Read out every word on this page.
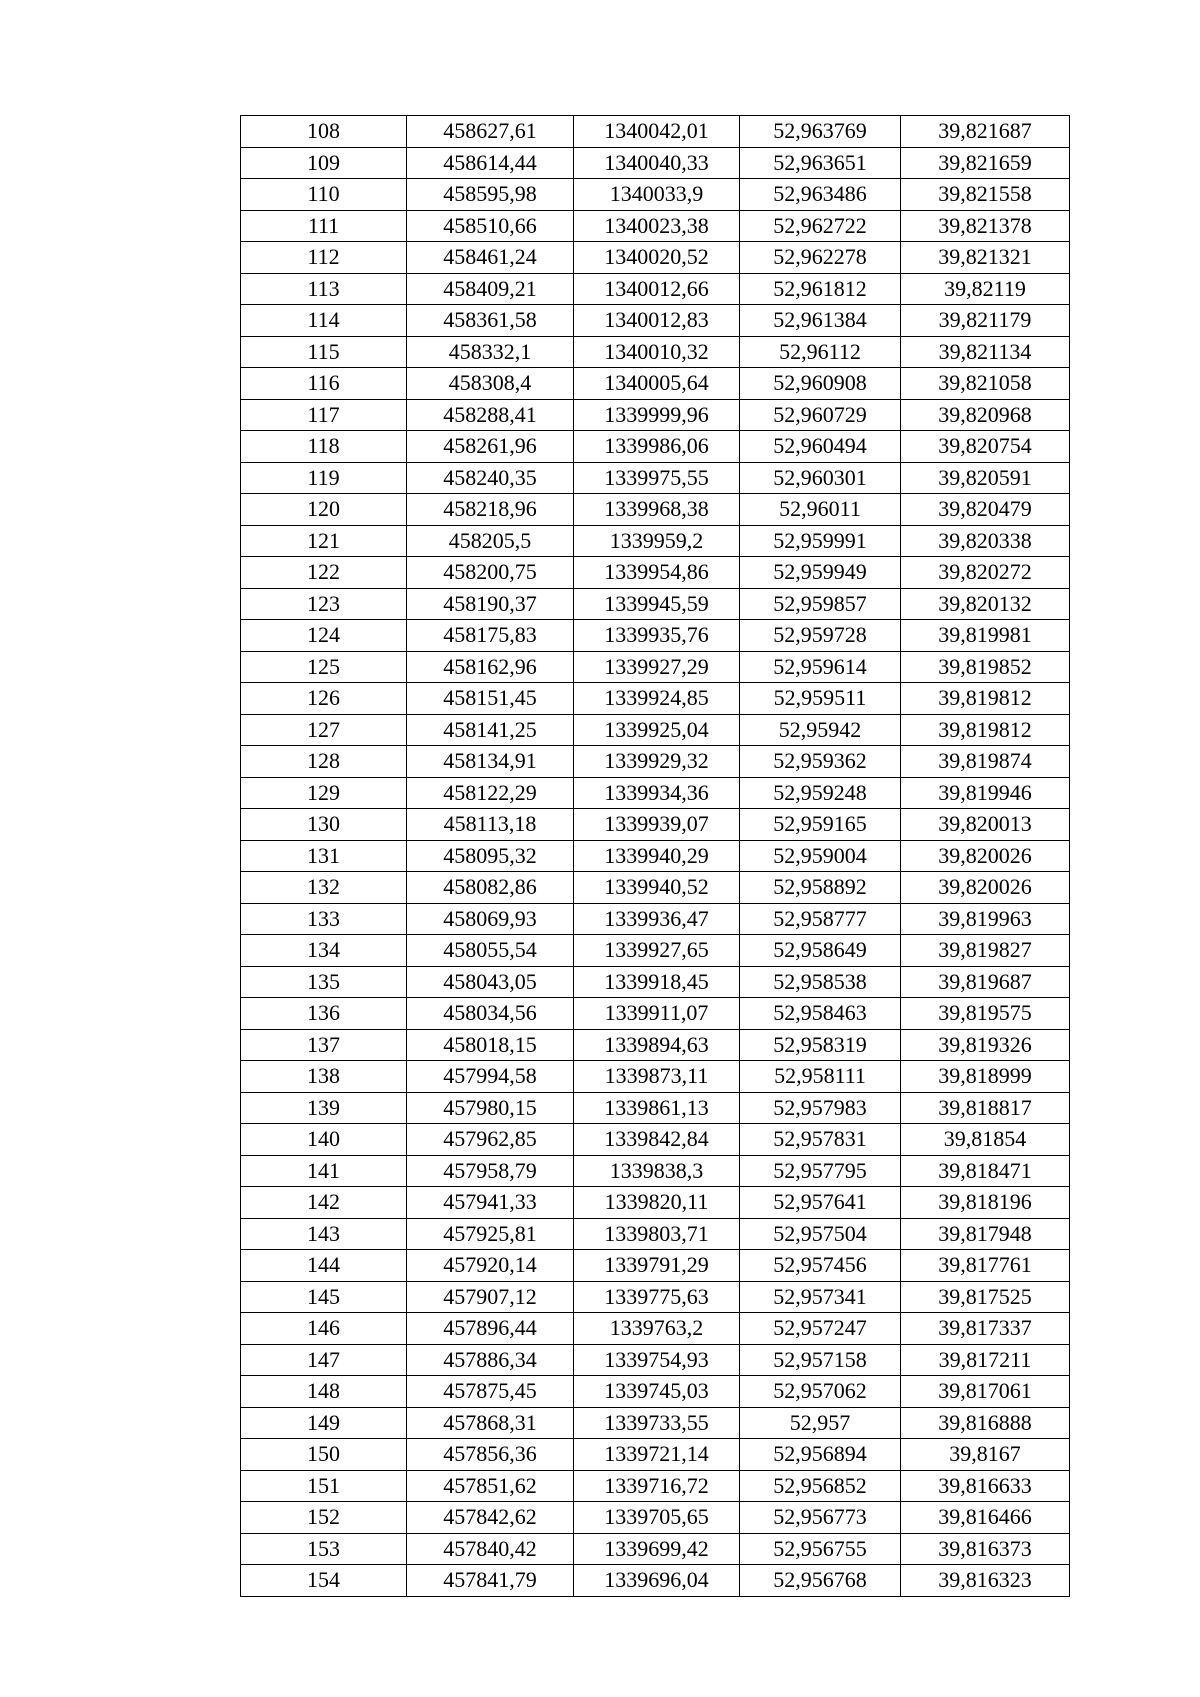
108	458627,61	1340042,01	52,963769	39,821687
109	458614,44	1340040,33	52,963651	39,821659
110	458595,98	1340033,9	52,963486	39,821558
111	458510,66	1340023,38	52,962722	39,821378
112	458461,24	1340020,52	52,962278	39,821321
113	458409,21	1340012,66	52,961812	39,82119
114	458361,58	1340012,83	52,961384	39,821179
115	458332,1	1340010,32	52,96112	39,821134
116	458308,4	1340005,64	52,960908	39,821058
117	458288,41	1339999,96	52,960729	39,820968
118	458261,96	1339986,06	52,960494	39,820754
119	458240,35	1339975,55	52,960301	39,820591
120	458218,96	1339968,38	52,96011	39,820479
121	458205,5	1339959,2	52,959991	39,820338
122	458200,75	1339954,86	52,959949	39,820272
123	458190,37	1339945,59	52,959857	39,820132
124	458175,83	1339935,76	52,959728	39,819981
125	458162,96	1339927,29	52,959614	39,819852
126	458151,45	1339924,85	52,959511	39,819812
127	458141,25	1339925,04	52,95942	39,819812
128	458134,91	1339929,32	52,959362	39,819874
129	458122,29	1339934,36	52,959248	39,819946
130	458113,18	1339939,07	52,959165	39,820013
131	458095,32	1339940,29	52,959004	39,820026
132	458082,86	1339940,52	52,958892	39,820026
133	458069,93	1339936,47	52,958777	39,819963
134	458055,54	1339927,65	52,958649	39,819827
135	458043,05	1339918,45	52,958538	39,819687
136	458034,56	1339911,07	52,958463	39,819575
137	458018,15	1339894,63	52,958319	39,819326
138	457994,58	1339873,11	52,958111	39,818999
139	457980,15	1339861,13	52,957983	39,818817
140	457962,85	1339842,84	52,957831	39,81854
141	457958,79	1339838,3	52,957795	39,818471
142	457941,33	1339820,11	52,957641	39,818196
143	457925,81	1339803,71	52,957504	39,817948
144	457920,14	1339791,29	52,957456	39,817761
145	457907,12	1339775,63	52,957341	39,817525
146	457896,44	1339763,2	52,957247	39,817337
147	457886,34	1339754,93	52,957158	39,817211
148	457875,45	1339745,03	52,957062	39,817061
149	457868,31	1339733,55	52,957	39,816888
150	457856,36	1339721,14	52,956894	39,8167
151	457851,62	1339716,72	52,956852	39,816633
152	457842,62	1339705,65	52,956773	39,816466
153	457840,42	1339699,42	52,956755	39,816373
154	457841,79	1339696,04	52,956768	39,816323
